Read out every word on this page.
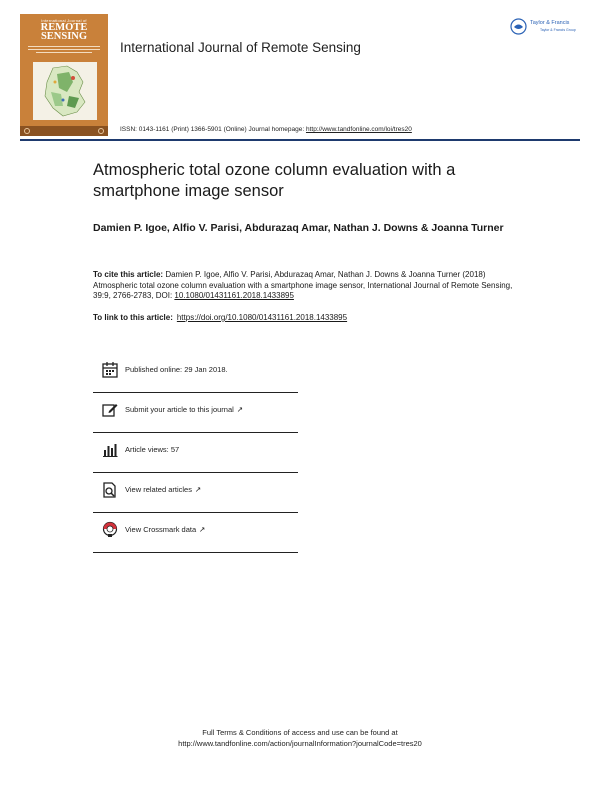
International Journal of
REMOTE
SENSING
International Journal of Remote Sensing
Taylor & Francis
Taylor & Francis Group
ISSN: 0143-1161 (Print) 1366-5901 (Online) Journal homepage: http://www.tandfonline.com/loi/tres20
Atmospheric total ozone column evaluation with a smartphone image sensor
Damien P. Igoe, Alfio V. Parisi, Abdurazaq Amar, Nathan J. Downs & Joanna Turner
To cite this article: Damien P. Igoe, Alfio V. Parisi, Abdurazaq Amar, Nathan J. Downs & Joanna Turner (2018) Atmospheric total ozone column evaluation with a smartphone image sensor, International Journal of Remote Sensing, 39:9, 2766-2783, DOI: 10.1080/01431161.2018.1433895
To link to this article: https://doi.org/10.1080/01431161.2018.1433895
Published online: 29 Jan 2018.
Submit your article to this journal ↗
Article views: 57
View related articles ↗
View Crossmark data ↗
Full Terms & Conditions of access and use can be found at
http://www.tandfonline.com/action/journalInformation?journalCode=tres20
